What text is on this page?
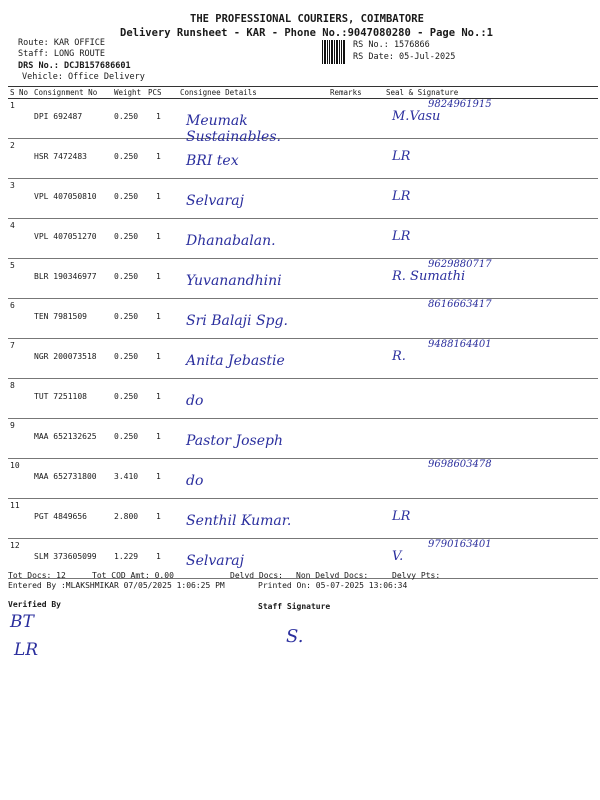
THE PROFESSIONAL COURIERS, COIMBATORE
Delivery Runsheet - KAR - Phone No.:9047080280 - Page No.:1
Route: KAR OFFICE
Staff: LONG ROUTE
DRS No.: DCJB157686601
Vehicle: Office Delivery
RS No.: 1576866
RS Date: 05-Jul-2025
S No	Consignment No	Weight	PCS	Consignee Details	Remarks	Seal & Signature
1	DPI 692487	0.250	1	Meumak Sustainables.		M.Vasu
9824961915

2	HSR 7472483	0.250	1	BRI tex		LR

3	VPL 407050810	0.250	1	Selvaraj		LR

4	VPL 407051270	0.250	1	Dhanabalan.		LR

5	BLR 190346977	0.250	1	Yuvanandhini		R. Sumathi
9629880717

6	TEN 7981509	0.250	1	Sri Balaji Spg.		8616663417

7	NGR 200073518	0.250	1	Anita Jebastie		R.
9488164401

8	TUT 7251108	0.250	1	do		

9	MAA 652132625	0.250	1	Pastor Joseph		

10	MAA 652731800	3.410	1	do		9698603478

11	PGT 4849656	2.800	1	Senthil Kumar.		LR

12	SLM 373605099	1.229	1	Selvaraj		V.
9790163401
Tot Docs: 12	Tot COD Amt: 0.00	Delvd Docs: Non Delvd Docs:	Delvy Pts:
Entered By :MLAKSHMIKAR 07/05/2025 1:06:25 PM	Printed On: 05-07-2025 13:06:34
Verified By	Staff Signature
BT
LR
S.
